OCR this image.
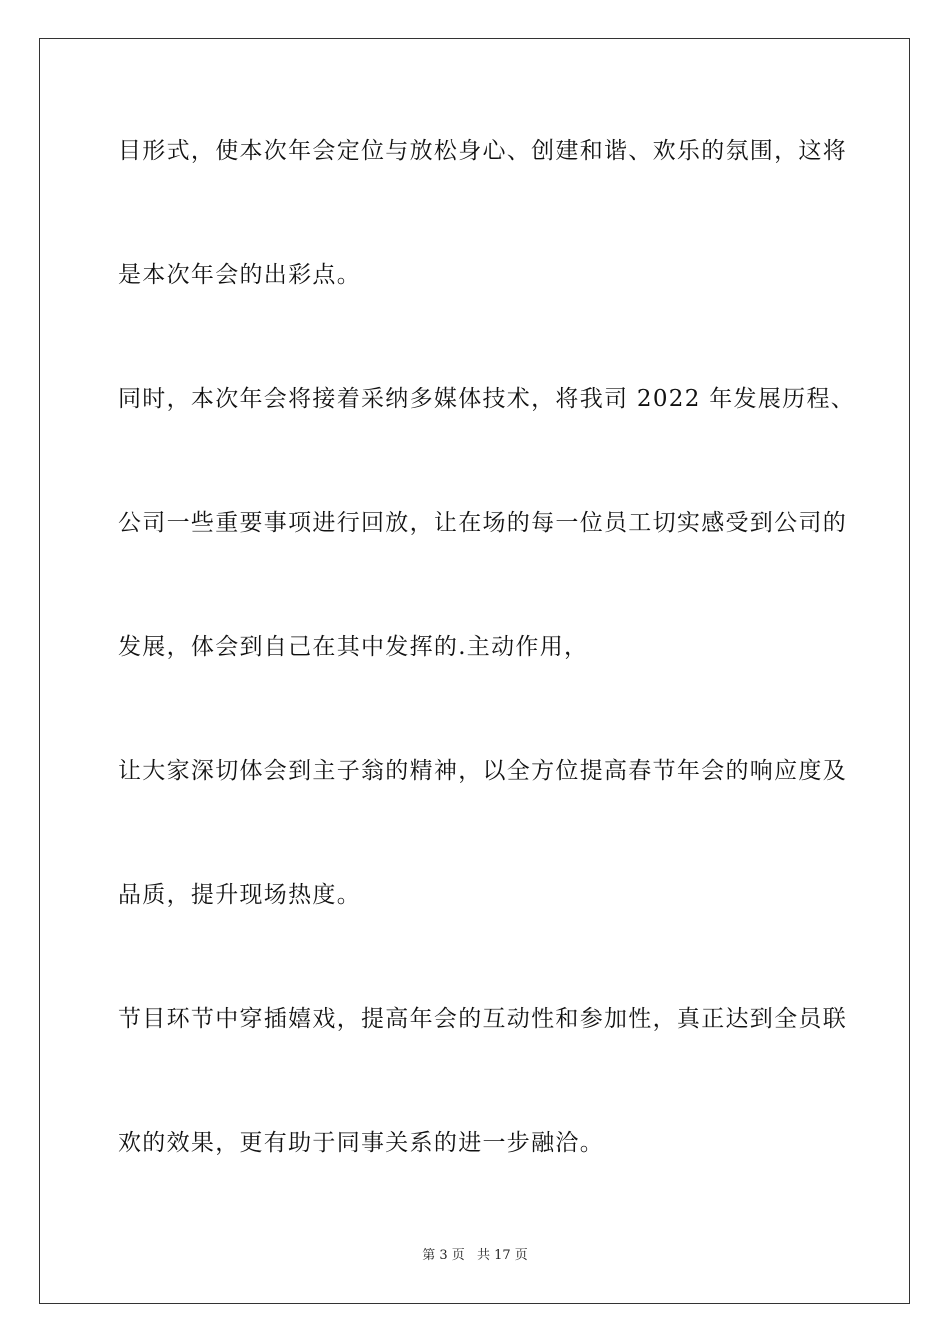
目形式，使本次年会定位与放松身心、创建和谐、欢乐的氛围，这将
是本次年会的出彩点。
同时，本次年会将接着采纳多媒体技术，将我司 2022 年发展历程、
公司一些重要事项进行回放，让在场的每一位员工切实感受到公司的
发展，体会到自己在其中发挥的.主动作用，
让大家深切体会到主子翁的精神，以全方位提高春节年会的响应度及
品质，提升现场热度。
节目环节中穿插嬉戏，提高年会的互动性和参加性，真正达到全员联
欢的效果，更有助于同事关系的进一步融洽。
第 3 页 共 17 页
